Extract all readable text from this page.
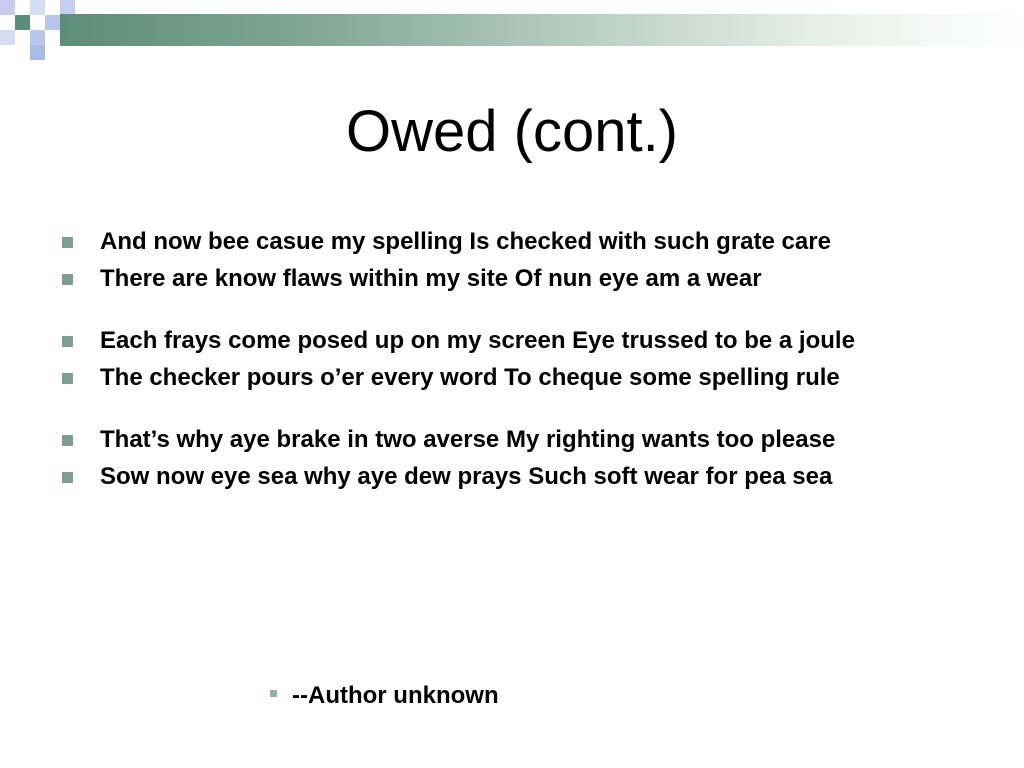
Owed (cont.)
And now bee casue my spelling Is checked with such grate care
There are know flaws within my site Of nun eye am a wear
Each frays come posed up on my screen Eye trussed to be a joule
The checker pours o’er every word To cheque some spelling rule
That’s why aye brake in two averse My righting wants too please
Sow now eye sea why aye dew prays Such soft wear for pea sea
--Author unknown
